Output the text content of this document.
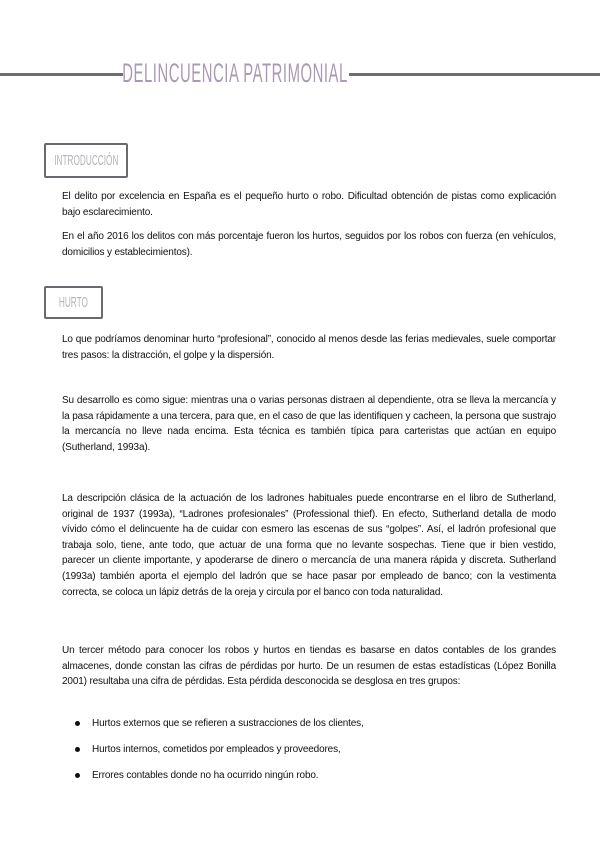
DELINCUENCIA PATRIMONIAL
INTRODUCCIÓN

El delito por excelencia en España es el pequeño hurto o robo. Dificultad obtención de pistas como explicación bajo esclarecimiento.

En el año 2016 los delitos con más porcentaje fueron los hurtos, seguidos por los robos con fuerza (en vehículos, domicilios y establecimientos).

HURTO

Lo que podríamos denominar hurto “profesional”, conocido al menos desde las ferias medievales, suele comportar tres pasos: la distracción, el golpe y la dispersión.

Su desarrollo es como sigue: mientras una o varias personas distraen al dependiente, otra se lleva la mercancía y la pasa rápidamente a una tercera, para que, en el caso de que las identifiquen y cacheen, la persona que sustrajo la mercancía no lleve nada encima. Esta técnica es también típica para carteristas que actúan en equipo (Sutherland, 1993a).

La descripción clásica de la actuación de los ladrones habituales puede encontrarse en el libro de Sutherland, original de 1937 (1993a), “Ladrones profesionales” (Professional thief). En efecto, Sutherland detalla de modo vívido cómo el delincuente ha de cuidar con esmero las escenas de sus “golpes”. Así, el ladrón profesional que trabaja solo, tiene, ante todo, que actuar de una forma que no levante sospechas. Tiene que ir bien vestido, parecer un cliente importante, y apoderarse de dinero o mercancía de una manera rápida y discreta. Sutherland (1993a) también aporta el ejemplo del ladrón que se hace pasar por empleado de banco; con la vestimenta correcta, se coloca un lápiz detrás de la oreja y circula por el banco con toda naturalidad.

Un tercer método para conocer los robos y hurtos en tiendas es basarse en datos contables de los grandes almacenes, donde constan las cifras de pérdidas por hurto. De un resumen de estas estadísticas (López Bonilla 2001) resultaba una cifra de pérdidas. Esta pérdida desconocida se desglosa en tres grupos:

Hurtos externos que se refieren a sustracciones de los clientes,
Hurtos internos, cometidos por empleados y proveedores,
Errores contables donde no ha ocurrido ningún robo.
